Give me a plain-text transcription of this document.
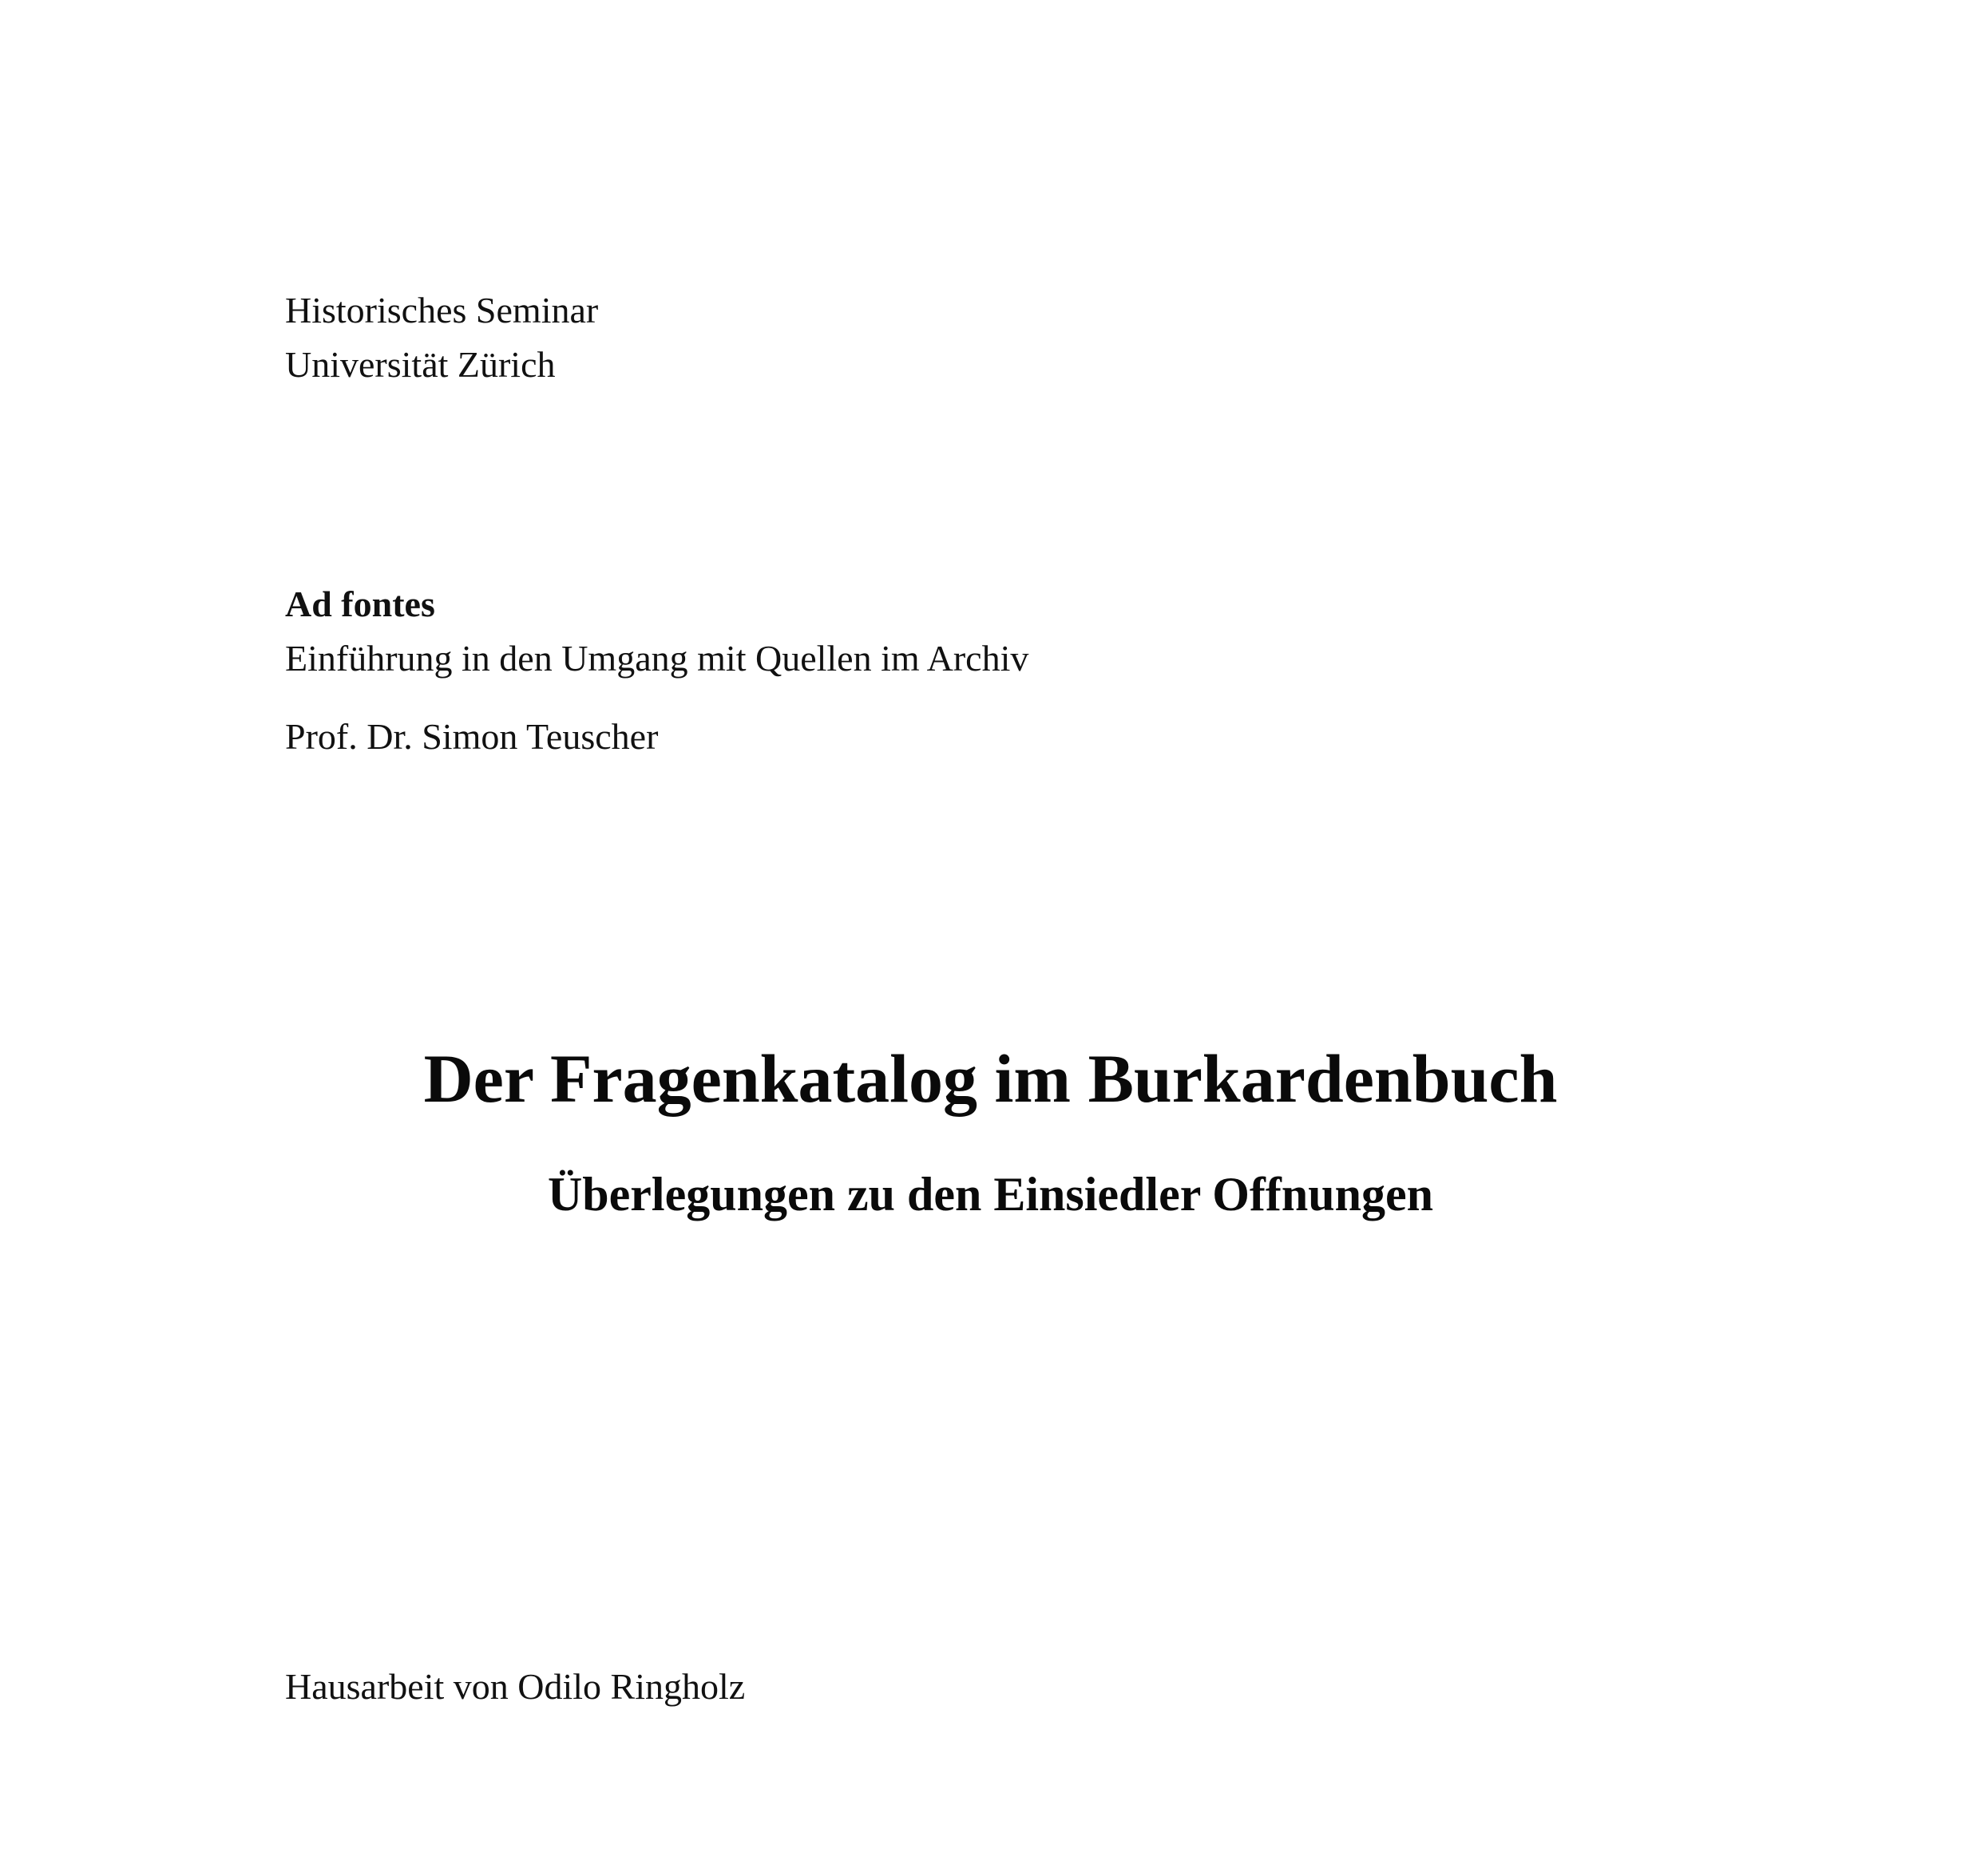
Historisches Seminar
Universität Zürich
Ad fontes
Einführung in den Umgang mit Quellen im Archiv
Prof. Dr. Simon Teuscher
Der Fragenkatalog im Burkardenbuch
Überlegungen zu den Einsiedler Offnungen
Hausarbeit von Odilo Ringholz
